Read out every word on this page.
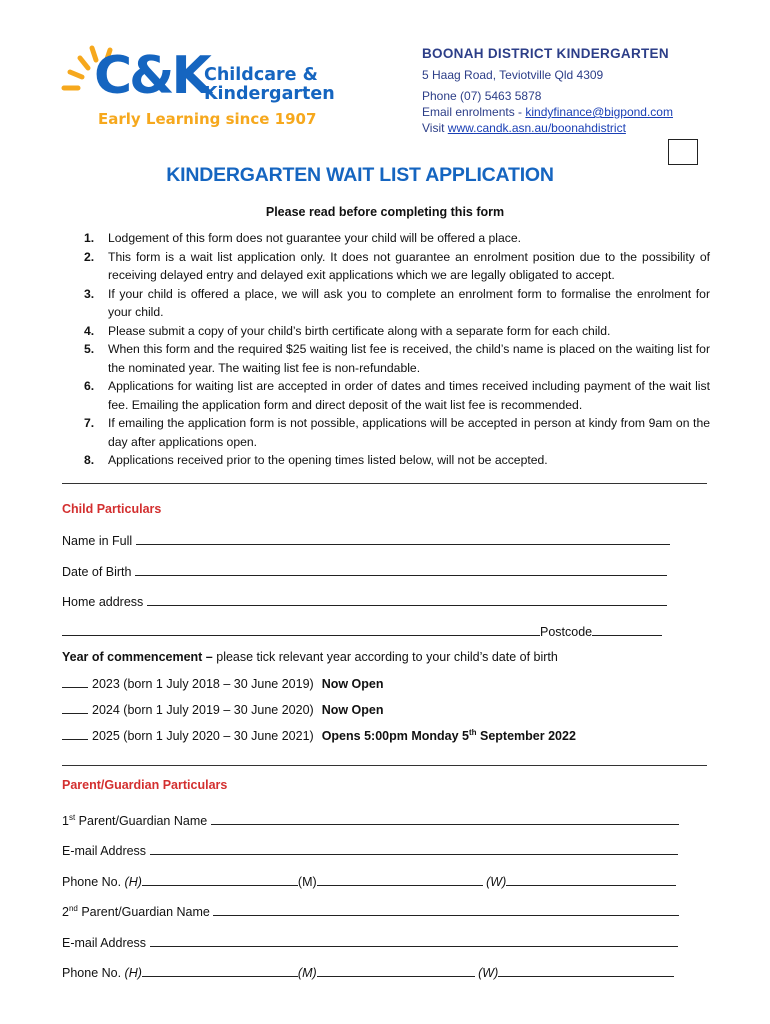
C&K
Childcare &
Kindergarten
Early Learning since 1907
BOONAH DISTRICT KINDERGARTEN
5 Haag Road, Teviotville Qld 4309
Phone (07) 5463 5878
Email enrolments - kindyfinance@bigpond.com
Visit www.candk.asn.au/boonahdistrict
KINDERGARTEN WAIT LIST APPLICATION
Please read before completing this form
1. Lodgement of this form does not guarantee your child will be offered a place.
2. This form is a wait list application only. It does not guarantee an enrolment position due to the possibility of receiving delayed entry and delayed exit applications which we are legally obligated to accept.
3. If your child is offered a place, we will ask you to complete an enrolment form to formalise the enrolment for your child.
4. Please submit a copy of your child’s birth certificate along with a separate form for each child.
5. When this form and the required $25 waiting list fee is received, the child’s name is placed on the waiting list for the nominated year. The waiting list fee is non-refundable.
6. Applications for waiting list are accepted in order of dates and times received including payment of the wait list fee. Emailing the application form and direct deposit of the wait list fee is recommended.
7. If emailing the application form is not possible, applications will be accepted in person at kindy from 9am on the day after applications open.
8. Applications received prior to the opening times listed below, will not be accepted.
Child Particulars
Name in Full
Date of Birth
Home address
Postcode
Year of commencement – please tick relevant year according to your child’s date of birth
2023 (born 1 July 2018 – 30 June 2019) Now Open
2024 (born 1 July 2019 – 30 June 2020) Now Open
2025 (born 1 July 2020 – 30 June 2021) Opens 5:00pm Monday 5th September 2022
Parent/Guardian Particulars
1st Parent/Guardian Name
E-mail Address
Phone No. (H)	(M)	(W)
2nd Parent/Guardian Name
E-mail Address
Phone No. (H)	(M)	(W)
